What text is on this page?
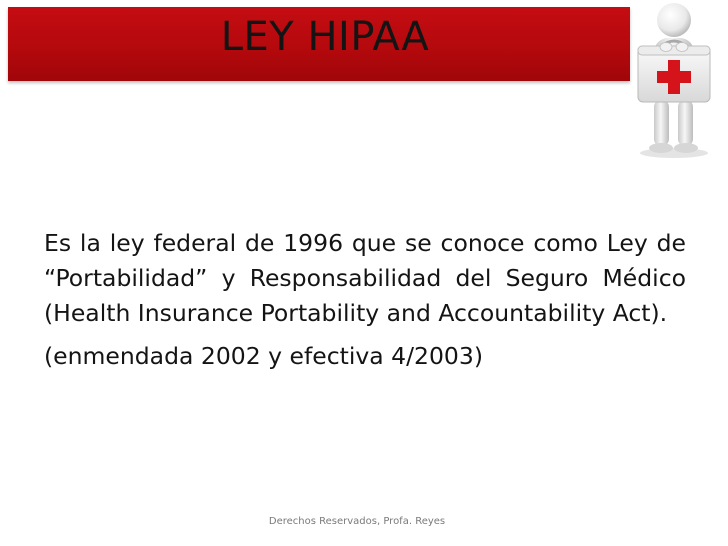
LEY HIPAA

Es la ley federal de 1996 que se conoce como Ley de “Portabilidad” y Responsabilidad del Seguro Médico (Health Insurance Portability and Accountability Act).

(enmendada 2002 y efectiva 4/2003)

Derechos Reservados, Profa. Reyes
